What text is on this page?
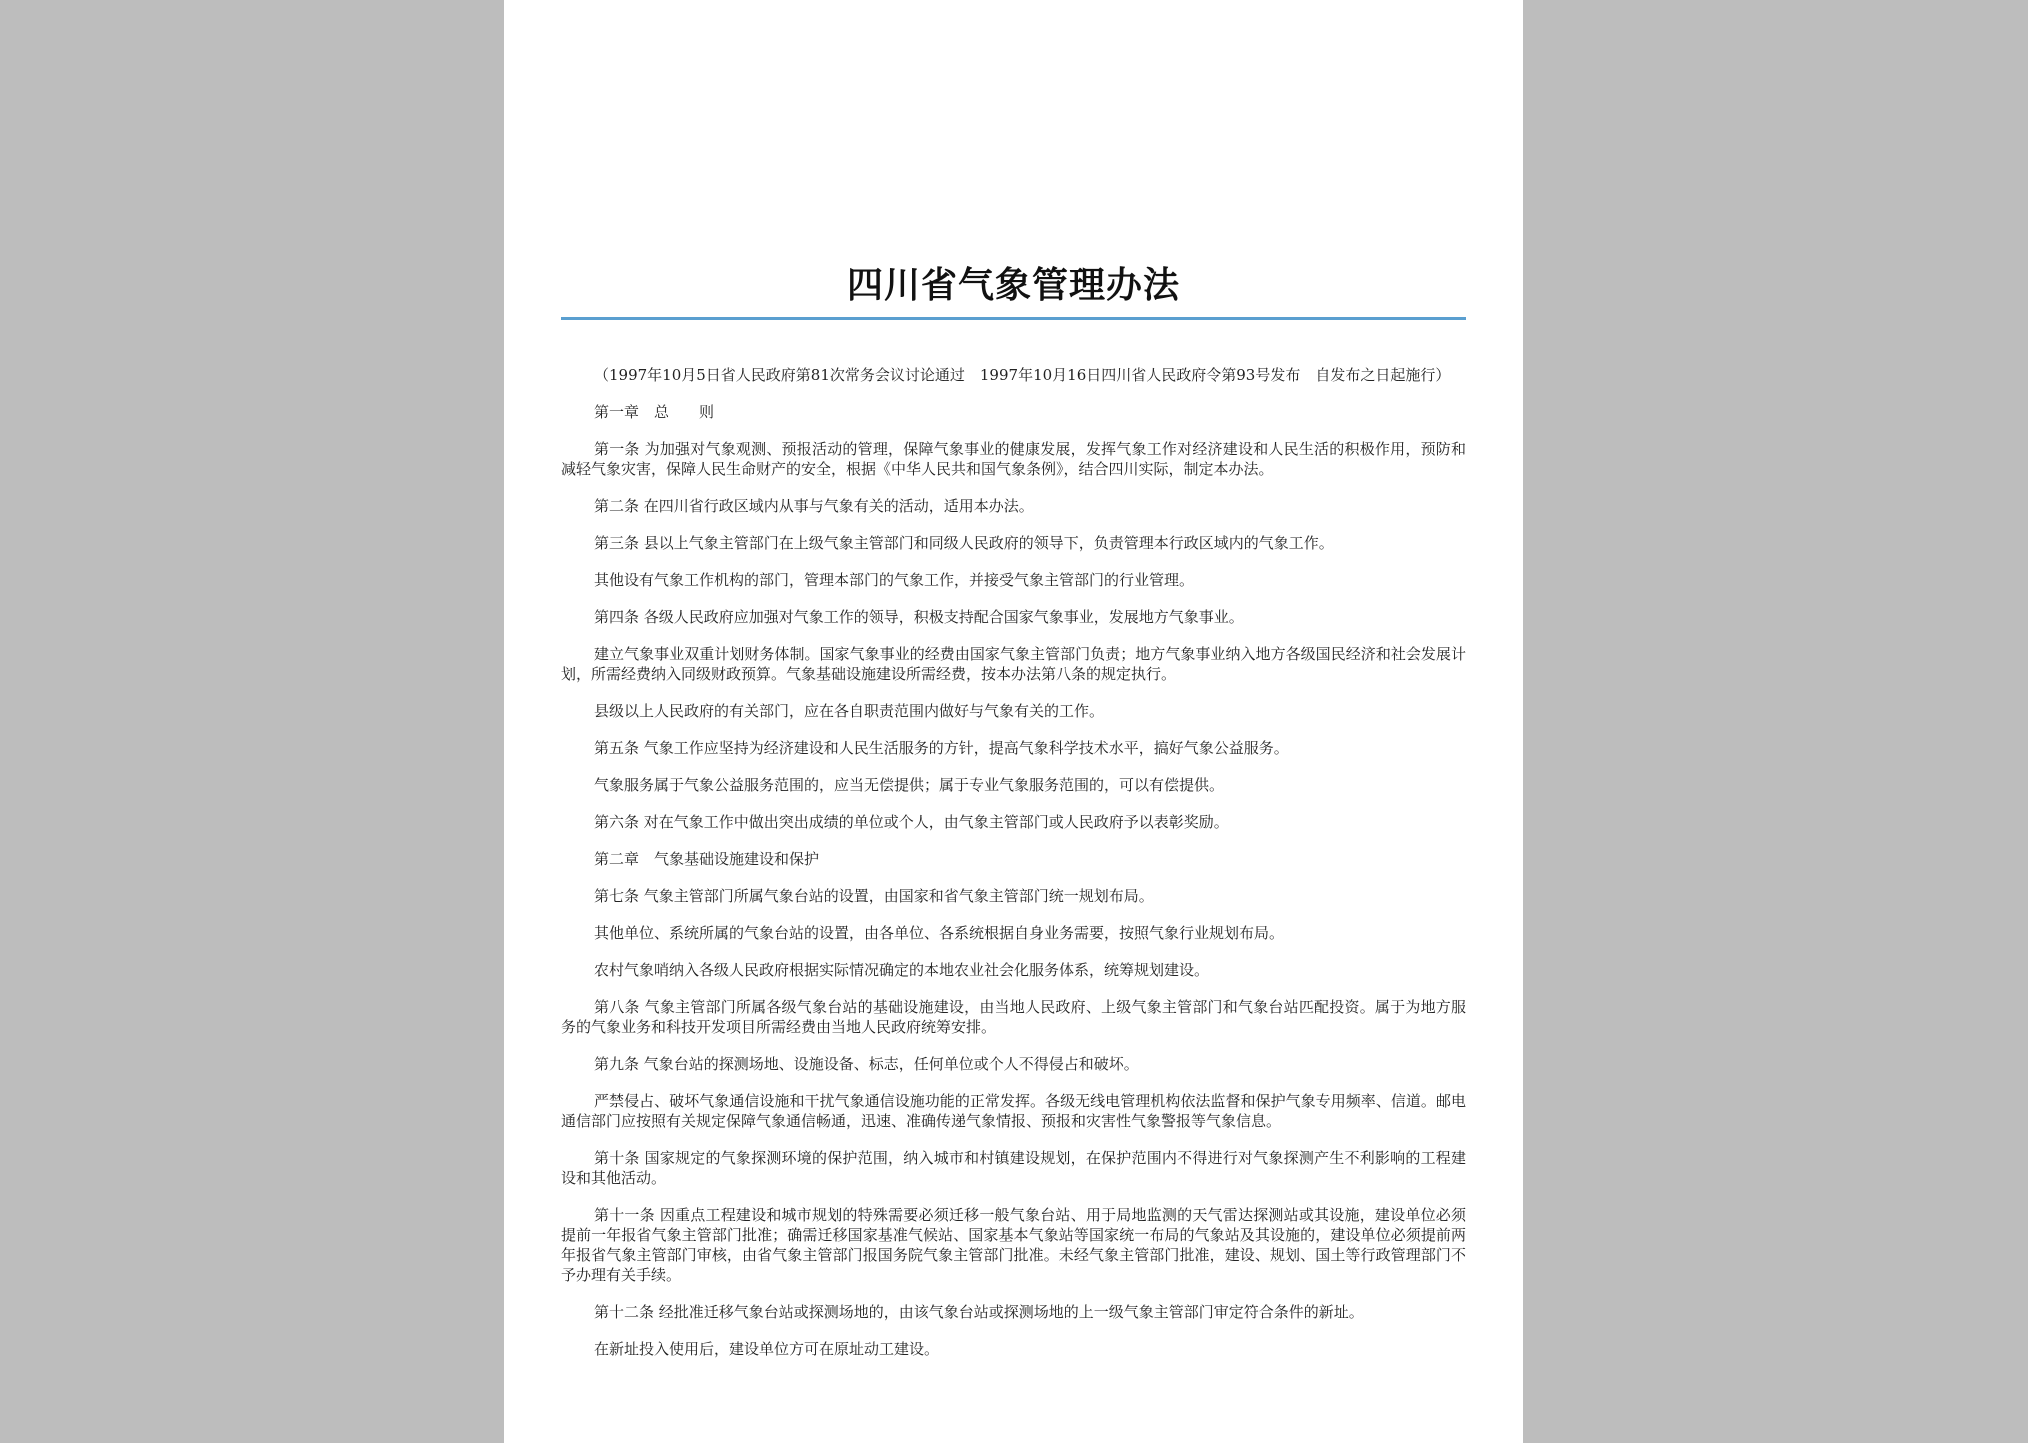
四川省气象管理办法

（1997年10月5日省人民政府第81次常务会议讨论通过　1997年10月16日四川省人民政府令第93号发布　自发布之日起施行）

第一章　总　　则

第一条 为加强对气象观测、预报活动的管理，保障气象事业的健康发展，发挥气象工作对经济建设和人民生活的积极作用，预防和减轻气象灾害，保障人民生命财产的安全，根据《中华人民共和国气象条例》，结合四川实际，制定本办法。

第二条 在四川省行政区域内从事与气象有关的活动，适用本办法。

第三条 县以上气象主管部门在上级气象主管部门和同级人民政府的领导下，负责管理本行政区域内的气象工作。

其他设有气象工作机构的部门，管理本部门的气象工作，并接受气象主管部门的行业管理。

第四条 各级人民政府应加强对气象工作的领导，积极支持配合国家气象事业，发展地方气象事业。

建立气象事业双重计划财务体制。国家气象事业的经费由国家气象主管部门负责；地方气象事业纳入地方各级国民经济和社会发展计划，所需经费纳入同级财政预算。气象基础设施建设所需经费，按本办法第八条的规定执行。

县级以上人民政府的有关部门，应在各自职责范围内做好与气象有关的工作。

第五条 气象工作应坚持为经济建设和人民生活服务的方针，提高气象科学技术水平，搞好气象公益服务。

气象服务属于气象公益服务范围的，应当无偿提供；属于专业气象服务范围的，可以有偿提供。

第六条 对在气象工作中做出突出成绩的单位或个人，由气象主管部门或人民政府予以表彰奖励。

第二章　气象基础设施建设和保护

第七条 气象主管部门所属气象台站的设置，由国家和省气象主管部门统一规划布局。

其他单位、系统所属的气象台站的设置，由各单位、各系统根据自身业务需要，按照气象行业规划布局。

农村气象哨纳入各级人民政府根据实际情况确定的本地农业社会化服务体系，统筹规划建设。

第八条 气象主管部门所属各级气象台站的基础设施建设，由当地人民政府、上级气象主管部门和气象台站匹配投资。属于为地方服务的气象业务和科技开发项目所需经费由当地人民政府统筹安排。

第九条 气象台站的探测场地、设施设备、标志，任何单位或个人不得侵占和破坏。

严禁侵占、破坏气象通信设施和干扰气象通信设施功能的正常发挥。各级无线电管理机构依法监督和保护气象专用频率、信道。邮电通信部门应按照有关规定保障气象通信畅通，迅速、准确传递气象情报、预报和灾害性气象警报等气象信息。

第十条 国家规定的气象探测环境的保护范围，纳入城市和村镇建设规划，在保护范围内不得进行对气象探测产生不利影响的工程建设和其他活动。

第十一条 因重点工程建设和城市规划的特殊需要必须迁移一般气象台站、用于局地监测的天气雷达探测站或其设施，建设单位必须提前一年报省气象主管部门批准；确需迁移国家基准气候站、国家基本气象站等国家统一布局的气象站及其设施的，建设单位必须提前两年报省气象主管部门审核，由省气象主管部门报国务院气象主管部门批准。未经气象主管部门批准，建设、规划、国土等行政管理部门不予办理有关手续。

第十二条 经批准迁移气象台站或探测场地的，由该气象台站或探测场地的上一级气象主管部门审定符合条件的新址。

在新址投入使用后，建设单位方可在原址动工建设。
